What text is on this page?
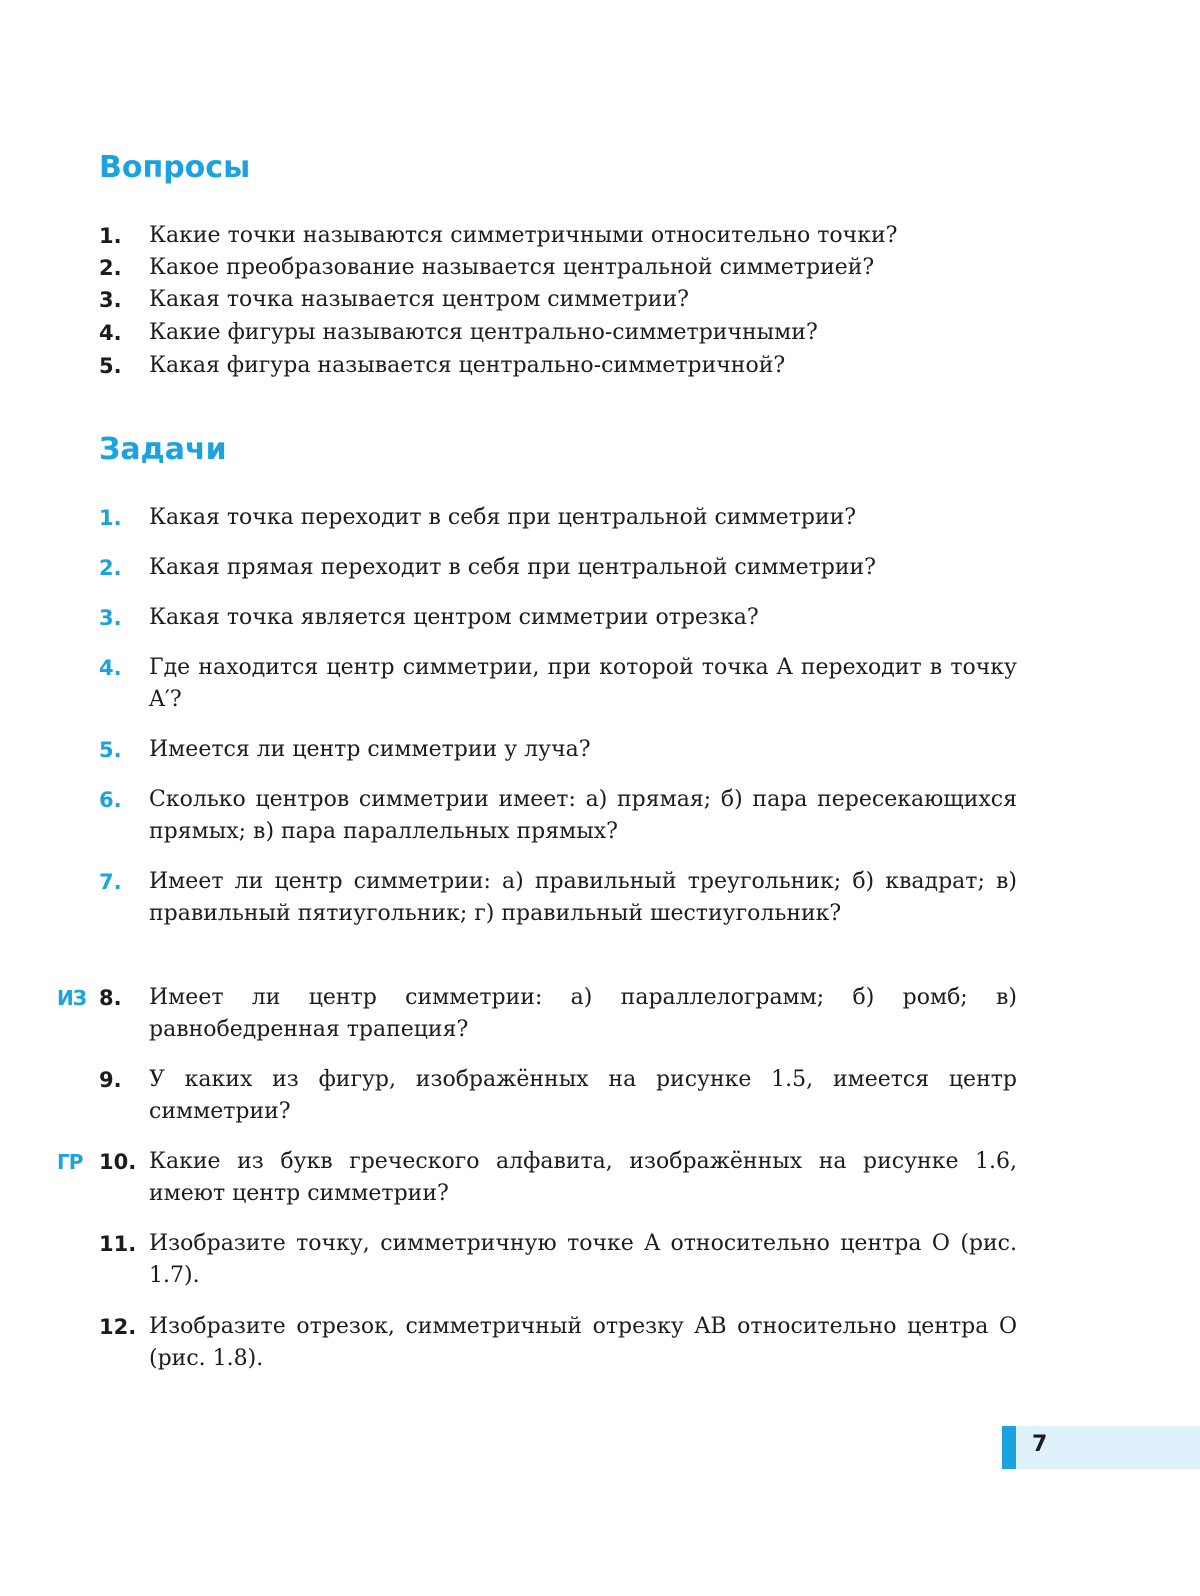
Вопросы
1. Какие точки называются симметричными относительно точки?
2. Какое преобразование называется центральной симметрией?
3. Какая точка называется центром симметрии?
4. Какие фигуры называются центрально-симметричными?
5. Какая фигура называется центрально-симметричной?
Задачи
1. Какая точка переходит в себя при центральной симметрии?
2. Какая прямая переходит в себя при центральной симметрии?
3. Какая точка является центром симметрии отрезка?
4. Где находится центр симметрии, при которой точка A переходит в точку A′?
5. Имеется ли центр симметрии у луча?
6. Сколько центров симметрии имеет: а) прямая; б) пара пересекающихся прямых; в) пара параллельных прямых?
7. Имеет ли центр симметрии: а) правильный треугольник; б) квадрат; в) правильный пятиугольник; г) правильный шестиугольник?
ИЗ 8. Имеет ли центр симметрии: а) параллелограмм; б) ромб; в) равнобедренная трапеция?
9. У каких из фигур, изображённых на рисунке 1.5, имеется центр симметрии?
ГР 10. Какие из букв греческого алфавита, изображённых на рисунке 1.6, имеют центр симметрии?
11. Изобразите точку, симметричную точке A относительно центра O (рис. 1.7).
12. Изобразите отрезок, симметричный отрезку AB относительно центра O (рис. 1.8).
7
